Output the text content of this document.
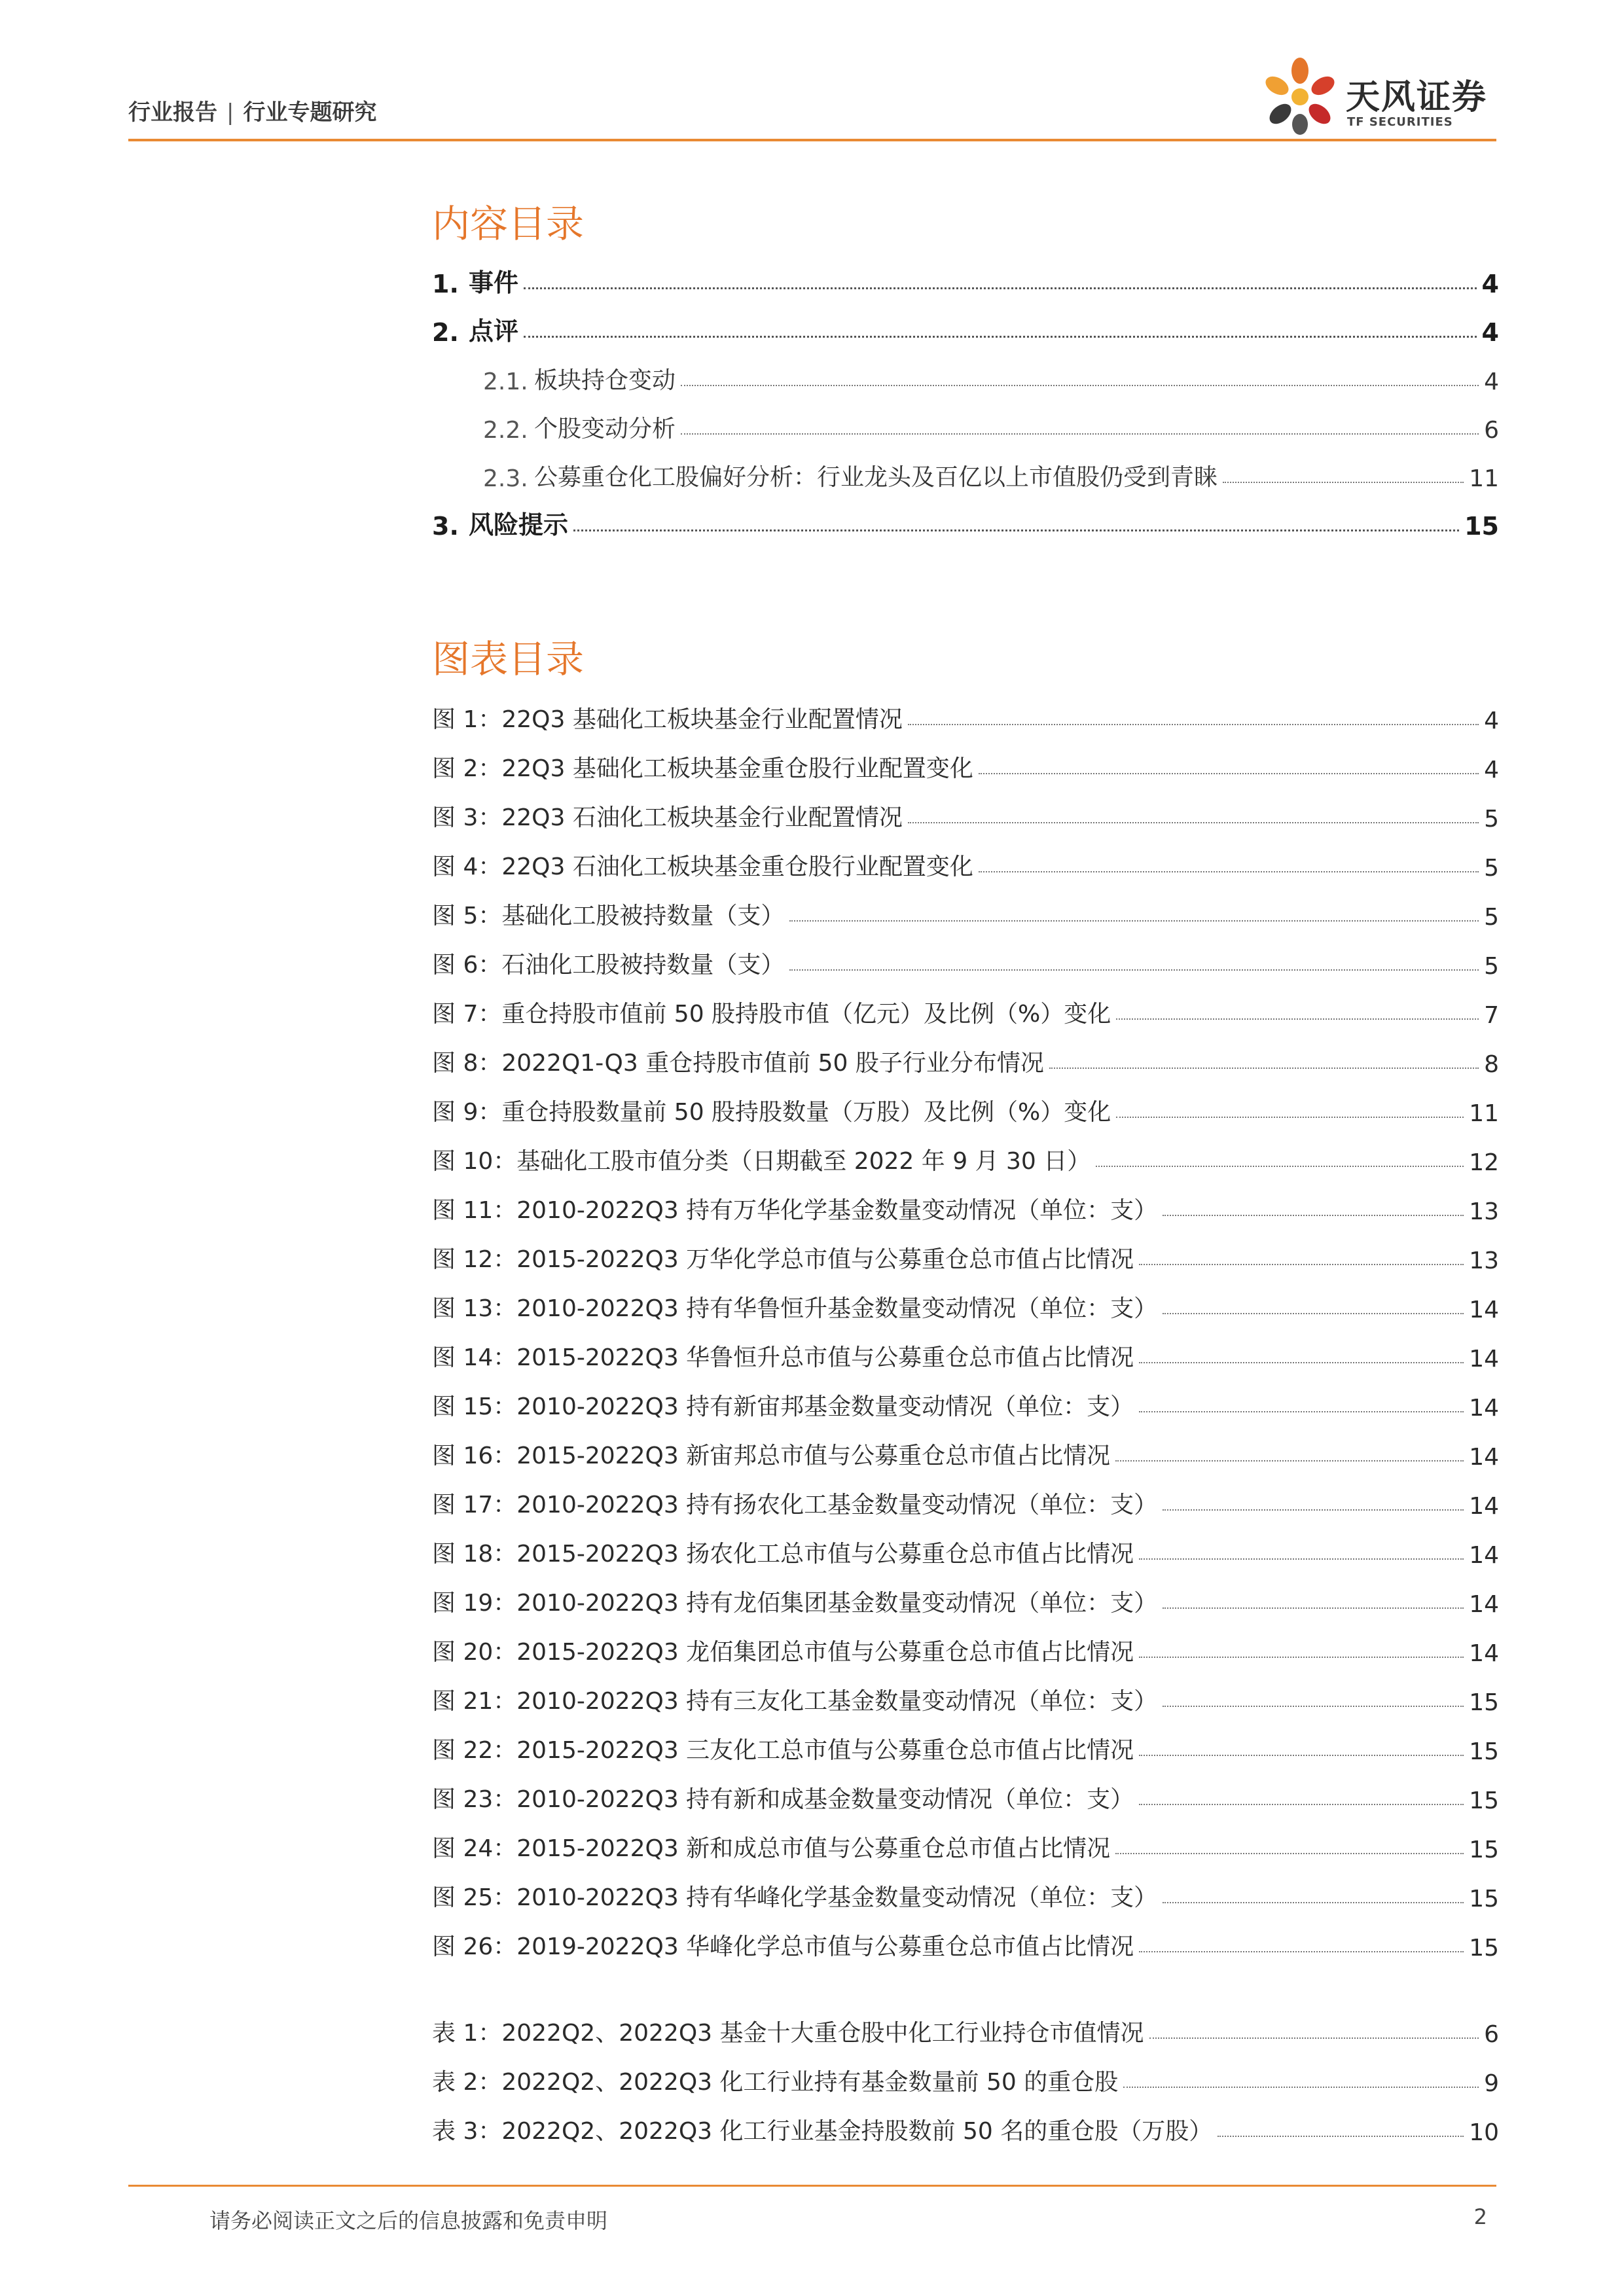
行业报告 | 行业专题研究	天风证券
TF SECURITIES
内容目录
1. 事件	4
2. 点评	4
2.1. 板块持仓变动	4
2.2. 个股变动分析	6
2.3. 公募重仓化工股偏好分析：行业龙头及百亿以上市值股仍受到青睐	11
3. 风险提示	15
图表目录
图 1：22Q3 基础化工板块基金行业配置情况	4
图 2：22Q3 基础化工板块基金重仓股行业配置变化	4
图 3：22Q3 石油化工板块基金行业配置情况	5
图 4：22Q3 石油化工板块基金重仓股行业配置变化	5
图 5：基础化工股被持数量（支）	5
图 6：石油化工股被持数量（支）	5
图 7：重仓持股市值前 50 股持股市值（亿元）及比例（%）变化	7
图 8：2022Q1-Q3 重仓持股市值前 50 股子行业分布情况	8
图 9：重仓持股数量前 50 股持股数量（万股）及比例（%）变化	11
图 10：基础化工股市值分类（日期截至 2022 年 9 月 30 日）	12
图 11：2010-2022Q3 持有万华化学基金数量变动情况（单位：支）	13
图 12：2015-2022Q3 万华化学总市值与公募重仓总市值占比情况	13
图 13：2010-2022Q3 持有华鲁恒升基金数量变动情况（单位：支）	14
图 14：2015-2022Q3 华鲁恒升总市值与公募重仓总市值占比情况	14
图 15：2010-2022Q3 持有新宙邦基金数量变动情况（单位：支）	14
图 16：2015-2022Q3 新宙邦总市值与公募重仓总市值占比情况	14
图 17：2010-2022Q3 持有扬农化工基金数量变动情况（单位：支）	14
图 18：2015-2022Q3 扬农化工总市值与公募重仓总市值占比情况	14
图 19：2010-2022Q3 持有龙佰集团基金数量变动情况（单位：支）	14
图 20：2015-2022Q3 龙佰集团总市值与公募重仓总市值占比情况	14
图 21：2010-2022Q3 持有三友化工基金数量变动情况（单位：支）	15
图 22：2015-2022Q3 三友化工总市值与公募重仓总市值占比情况	15
图 23：2010-2022Q3 持有新和成基金数量变动情况（单位：支）	15
图 24：2015-2022Q3 新和成总市值与公募重仓总市值占比情况	15
图 25：2010-2022Q3 持有华峰化学基金数量变动情况（单位：支）	15
图 26：2019-2022Q3 华峰化学总市值与公募重仓总市值占比情况	15
表 1：2022Q2、2022Q3 基金十大重仓股中化工行业持仓市值情况	6
表 2：2022Q2、2022Q3 化工行业持有基金数量前 50 的重仓股	9
表 3：2022Q2、2022Q3 化工行业基金持股数前 50 名的重仓股（万股）	10
请务必阅读正文之后的信息披露和免责申明	2
